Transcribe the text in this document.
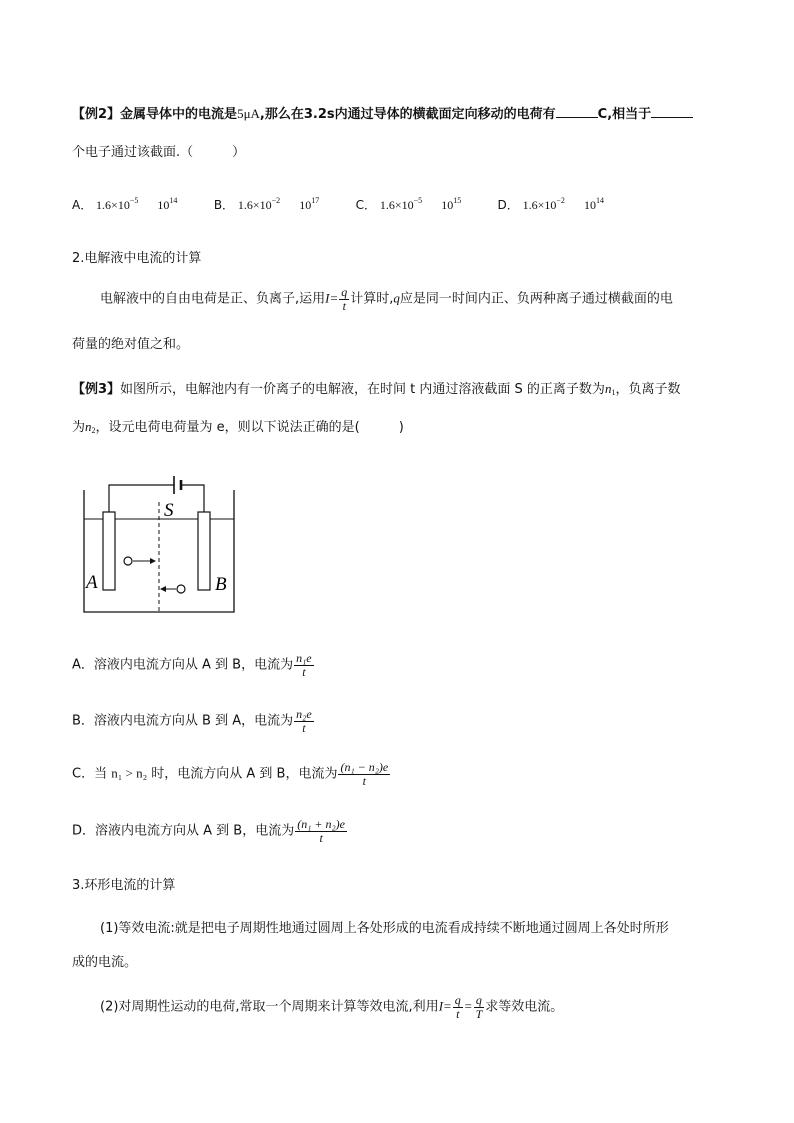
【例2】金属导体中的电流是5μA,那么在3.2s内通过导体的横截面定向移动的电荷有	C,相当于
个电子通过该截面.（　　　）
A． $1.6\times 10^{-5}$ $10^{14}$	B． $1.6\times 10^{-2}$ $10^{17}$	C． $1.6\times 10^{-5}$ $10^{15}$	D． $1.6\times 10^{-2}$ $10^{14}$
2.电解液中电流的计算
电解液中的自由电荷是正、负离子,运用$I= \frac{q}{t}$ 计算时,q应是同一时间内正、负两种离子通过横截面的电
荷量的绝对值之和。
【例3】如图所示，电解池内有一价离子的电解液，在时间 t 内通过溶液截面 S 的正离子数为$n_1$，负离子数
为$n_2$，设元电荷电荷量为 e，则以下说法正确的是(　　　)
S
A	B
A．溶液内电流方向从 A 到 B，电流为 $\frac{\text{n₁e}}{t}$
B．溶液内电流方向从 B 到 A，电流为 $\frac{\text{n₂e}}{t}$
C．当 n₁ > n₂ 时，电流方向从 A 到 B，电流为 $\frac{\text{(n₁ − n₂)e}}{t}$
D．溶液内电流方向从 A 到 B，电流为 $\frac{\text{(n₁ + n₂)e}}{t}$
3.环形电流的计算
(1)等效电流:就是把电子周期性地通过圆周上各处形成的电流看成持续不断地通过圆周上各处时所形
成的电流。
(2)对周期性运动的电荷,常取一个周期来计算等效电流,利用$I= \frac{q}{t} = \frac{q}{T}$ 求等效电流。
